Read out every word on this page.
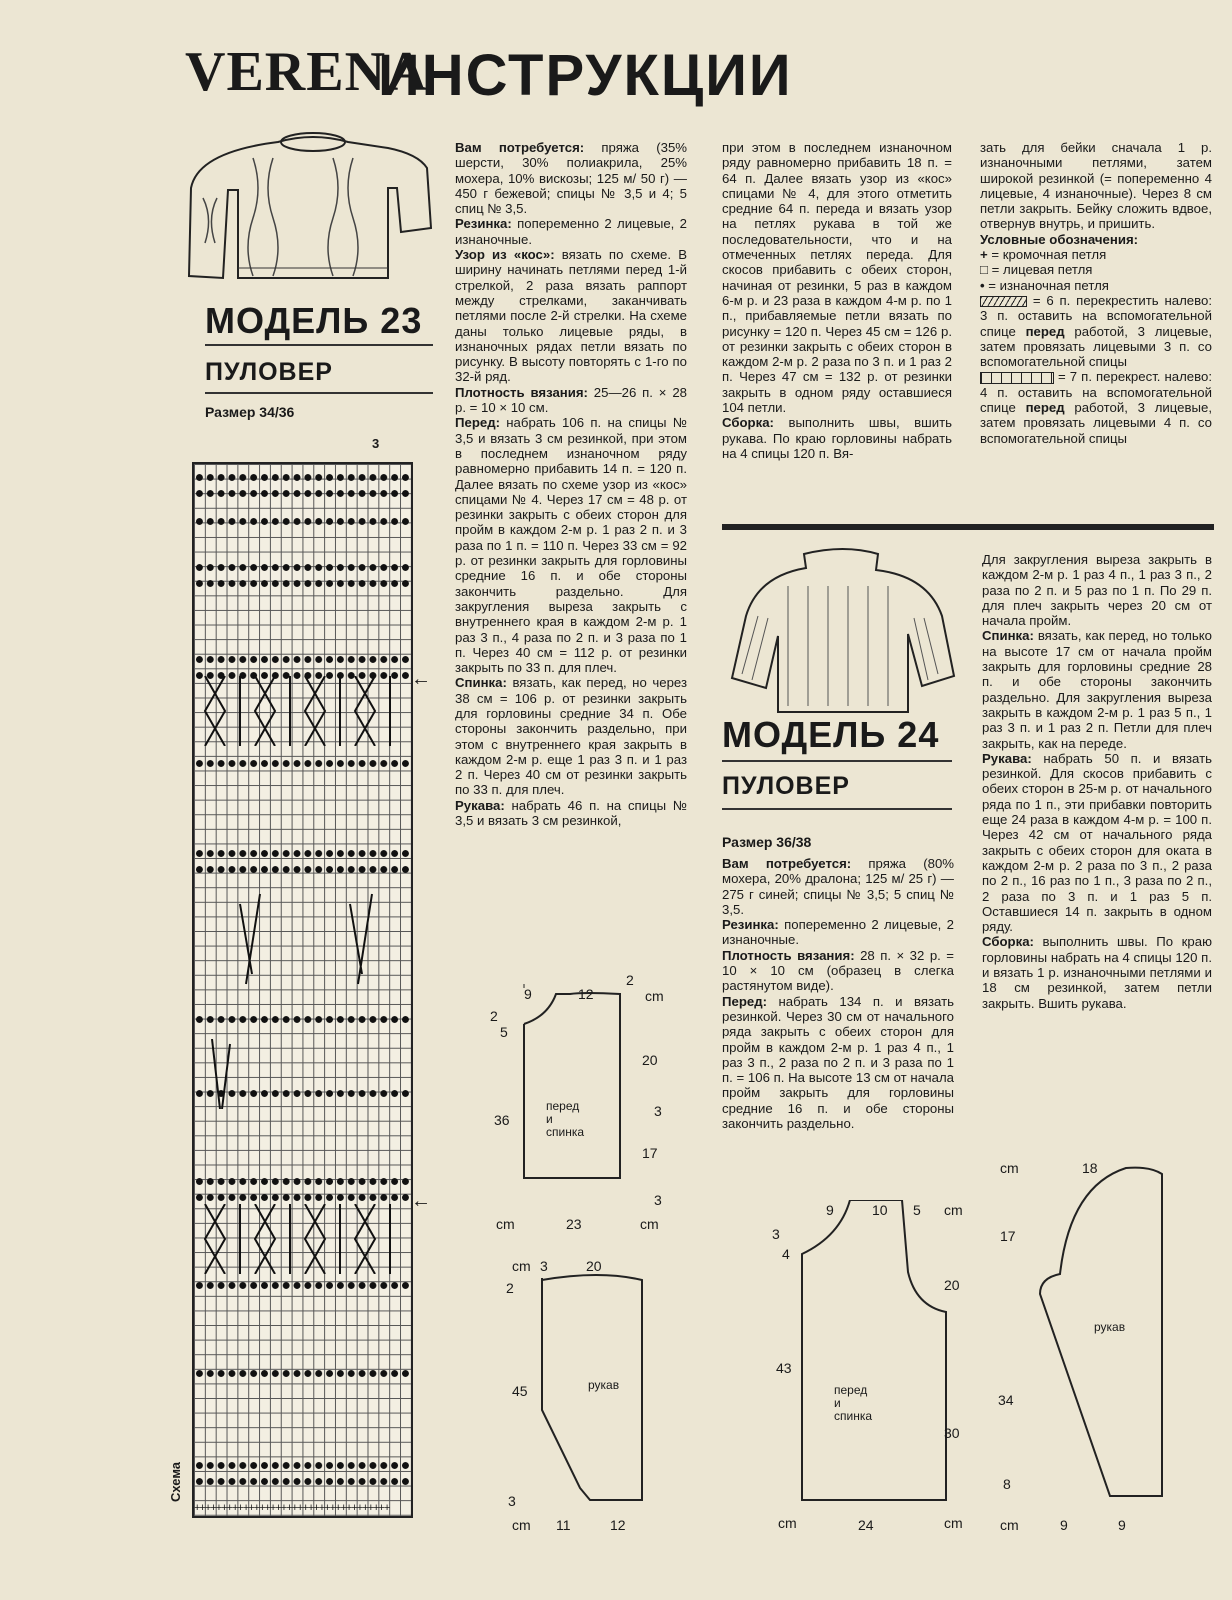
VERENA
ИНСТРУКЦИИ
МОДЕЛЬ 23
ПУЛОВЕР
Размер 34/36
3
++++++++++++++++++++++++++++++++++++
Схема
←
←

Вам потребуется: пряжа (35% шерсти, 30% полиакрила, 25% мохера, 10% вискозы; 125 м/ 50 г) — 450 г бежевой; спицы № 3,5 и 4; 5 спиц № 3,5.

Резинка: попеременно 2 лицевые, 2 изнаночные.

Узор из «кос»: вязать по схеме. В ширину начинать петлями перед 1-й стрелкой, 2 раза вязать раппорт между стрелками, заканчивать петлями после 2-й стрелки. На схеме даны только лицевые ряды, в изнаночных рядах петли вязать по рисунку. В высоту повторять с 1-го по 32-й ряд.

Плотность вязания: 25—26 п. × 28 р. = 10 × 10 см.

Перед: набрать 106 п. на спицы № 3,5 и вязать 3 см резинкой, при этом в последнем изнаночном ряду равномерно прибавить 14 п. = 120 п. Далее вязать по схеме узор из «кос» спицами № 4. Через 17 см = 48 р. от резинки закрыть с обеих сторон для пройм в каждом 2-м р. 1 раз 2 п. и 3 раза по 1 п. = 110 п. Через 33 см = 92 р. от резинки закрыть для горловины средние 16 п. и обе стороны закончить раздельно. Для закругления выреза закрыть с внутреннего края в каждом 2-м р. 1 раз 3 п., 4 раза по 2 п. и 3 раза по 1 п. Через 40 см = 112 р. от резинки закрыть по 33 п. для плеч.

Спинка: вязать, как перед, но через 38 см = 106 р. от резинки закрыть для горловины средние 34 п. Обе стороны закончить раздельно, при этом с внутреннего края закрыть в каждом 2-м р. еще 1 раз 3 п. и 1 раз 2 п. Через 40 см от резинки закрыть по 33 п. для плеч.

Рукава: набрать 46 п. на спицы № 3,5 и вязать 3 см резинкой,

при этом в последнем изнаночном ряду равномерно прибавить 18 п. = 64 п. Далее вязать узор из «кос» спицами № 4, для этого отметить средние 64 п. переда и вязать узор на петлях рукава в той же последовательности, что и на отмеченных петлях переда. Для скосов прибавить с обеих сторон, начиная от резинки, 5 раз в каждом 6-м р. и 23 раза в каждом 4-м р. по 1 п., прибавляемые петли вязать по рисунку = 120 п. Через 45 см = 126 р. от резинки закрыть с обеих сторон в каждом 2-м р. 2 раза по 3 п. и 1 раз 2 п. Через 47 см = 132 р. от резинки закрыть в одном ряду оставшиеся 104 петли.

Сборка: выполнить швы, вшить рукава. По краю горловины набрать на 4 спицы 120 п. Вя-

зать для бейки сначала 1 р. изнаночными петлями, затем широкой резинкой (= попеременно 4 лицевые, 4 изнаночные). Через 8 см петли закрыть. Бейку сложить вдвое, отвернув внутрь, и пришить.

Условные обозначения:

+ = кромочная петля

□ = лицевая петля

• = изнаночная петля

= 6 п. перекрестить налево: 3 п. оставить на вспомогательной спице перед работой, 3 лицевые, затем провязать лицевыми 3 п. со вспомогательной спицы

= 7 п. перекрест. налево: 4 п. оставить на вспомогательной спице перед работой, 3 лицевые, затем провязать лицевыми 4 п. со вспомогательной спицы

9	12
2
cm
2
5
36
20
3
17
3
cm	23	cm
перед
и
спинка
cm 3	20
2
45
3
cm 11	12
рукав
МОДЕЛЬ 24
ПУЛОВЕР
Размер 36/38

Вам потребуется: пряжа (80% мохера, 20% дралона; 125 м/ 25 г) — 275 г синей; спицы № 3,5; 5 спиц № 3,5.

Резинка: попеременно 2 лицевые, 2 изнаночные.

Плотность вязания: 28 п. × 32 р. = 10 × 10 см (образец в слегка растянутом виде).

Перед: набрать 134 п. и вязать резинкой. Через 30 см от начального ряда закрыть с обеих сторон для пройм в каждом 2-м р. 1 раз 4 п., 1 раз 3 п., 2 раза по 2 п. и 3 раза по 1 п. = 106 п. На высоте 13 см от начала пройм закрыть для горловины средние 16 п. и обе стороны закончить раздельно.

Для закругления выреза закрыть в каждом 2-м р. 1 раз 4 п., 1 раз 3 п., 2 раза по 2 п. и 5 раз по 1 п. По 29 п. для плеч закрыть через 20 см от начала пройм.

Спинка: вязать, как перед, но только на высоте 17 см от начала пройм закрыть для горловины средние 28 п. и обе стороны закончить раздельно. Для закругления выреза закрыть в каждом 2-м р. 1 раз 5 п., 1 раз 3 п. и 1 раз 2 п. Петли для плеч закрыть, как на переде.

Рукава: набрать 50 п. и вязать резинкой. Для скосов прибавить с обеих сторон в 25-м р. от начального ряда по 1 п., эти прибавки повторить еще 24 раза в каждом 4-м р. = 100 п. Через 42 см от начального ряда закрыть с обеих сторон для оката в каждом 2-м р. 2 раза по 3 п., 2 раза по 2 п., 16 раз по 1 п., 3 раза по 2 п., 2 раза по 3 п. и 1 раз 5 п. Оставшиеся 14 п. закрыть в одном ряду.

Сборка: выполнить швы. По краю горловины набрать на 4 спицы 120 п. и вязать 1 р. изнаночными петлями и 18 см резинкой, затем петли закрыть. Вшить рукава.

9	10 5 cm
3
4
43
20
30
cm	24	cm
перед
и
спинка
cm	18
17
34
8
cm	9	9
рукав
